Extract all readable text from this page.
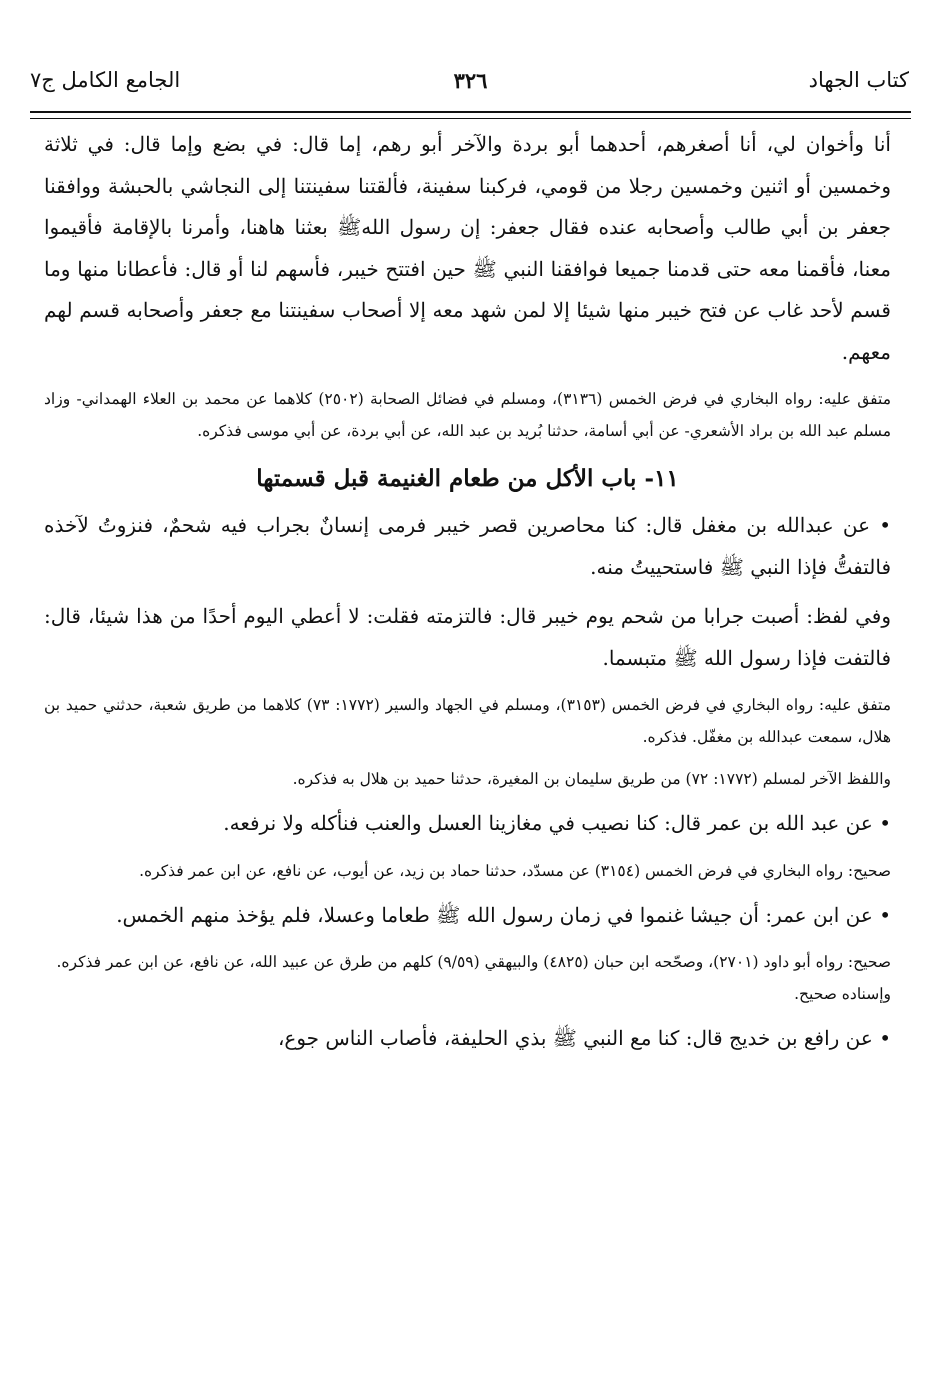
كتاب الجهاد
٣٢٦
الجامع الكامل ج٧

أنا وأخوان لي، أنا أصغرهم، أحدهما أبو بردة والآخر أبو رهم، إما قال: في بضع وإما قال: في ثلاثة وخمسين أو اثنين وخمسين رجلا من قومي، فركبنا سفينة، فألقتنا سفينتنا إلى النجاشي بالحبشة ووافقنا جعفر بن أبي طالب وأصحابه عنده فقال جعفر: إن رسول اللهﷺ بعثنا هاهنا، وأمرنا بالإقامة فأقيموا معنا، فأقمنا معه حتى قدمنا جميعا فوافقنا النبي ﷺ حين افتتح خيبر، فأسهم لنا أو قال: فأعطانا منها وما قسم لأحد غاب عن فتح خيبر منها شيئا إلا لمن شهد معه إلا أصحاب سفينتنا مع جعفر وأصحابه قسم لهم معهم.

متفق عليه: رواه البخاري في فرض الخمس (٣١٣٦)، ومسلم في فضائل الصحابة (٢٥٠٢) كلاهما عن محمد بن العلاء الهمداني- وزاد مسلم عبد الله بن براد الأشعري- عن أبي أسامة، حدثنا بُريد بن عبد الله، عن أبي بردة، عن أبي موسى فذكره.

١١- باب الأكل من طعام الغنيمة قبل قسمتها

• عن عبدالله بن مغفل قال: كنا محاصرين قصر خيبر فرمى إنسانٌ بجراب فيه شحمٌ، فنزوتُ لآخذه فالتفتُّ فإذا النبي ﷺ فاستحييتُ منه.

وفي لفظ: أصبت جرابا من شحم يوم خيبر قال: فالتزمته فقلت: لا أعطي اليوم أحدًا من هذا شيئا، قال: فالتفت فإذا رسول الله ﷺ متبسما.

متفق عليه: رواه البخاري في فرض الخمس (٣١٥٣)، ومسلم في الجهاد والسير (١٧٧٢: ٧٣) كلاهما من طريق شعبة، حدثني حميد بن هلال، سمعت عبدالله بن مغفّل. فذكره.

واللفظ الآخر لمسلم (١٧٧٢: ٧٢) من طريق سليمان بن المغيرة، حدثنا حميد بن هلال به فذكره.

• عن عبد الله بن عمر قال: كنا نصيب في مغازينا العسل والعنب فنأكله ولا نرفعه.

صحيح: رواه البخاري في فرض الخمس (٣١٥٤) عن مسدّد، حدثنا حماد بن زيد، عن أيوب، عن نافع، عن ابن عمر فذكره.

• عن ابن عمر: أن جيشا غنموا في زمان رسول الله ﷺ طعاما وعسلا، فلم يؤخذ منهم الخمس.

صحيح: رواه أبو داود (٢٧٠١)، وصحّحه ابن حبان (٤٨٢٥) والبيهقي (٩/٥٩) كلهم من طرق عن عبيد الله، عن نافع، عن ابن عمر فذكره.

وإسناده صحيح.

• عن رافع بن خديج قال: كنا مع النبي ﷺ بذي الحليفة، فأصاب الناس جوع،
